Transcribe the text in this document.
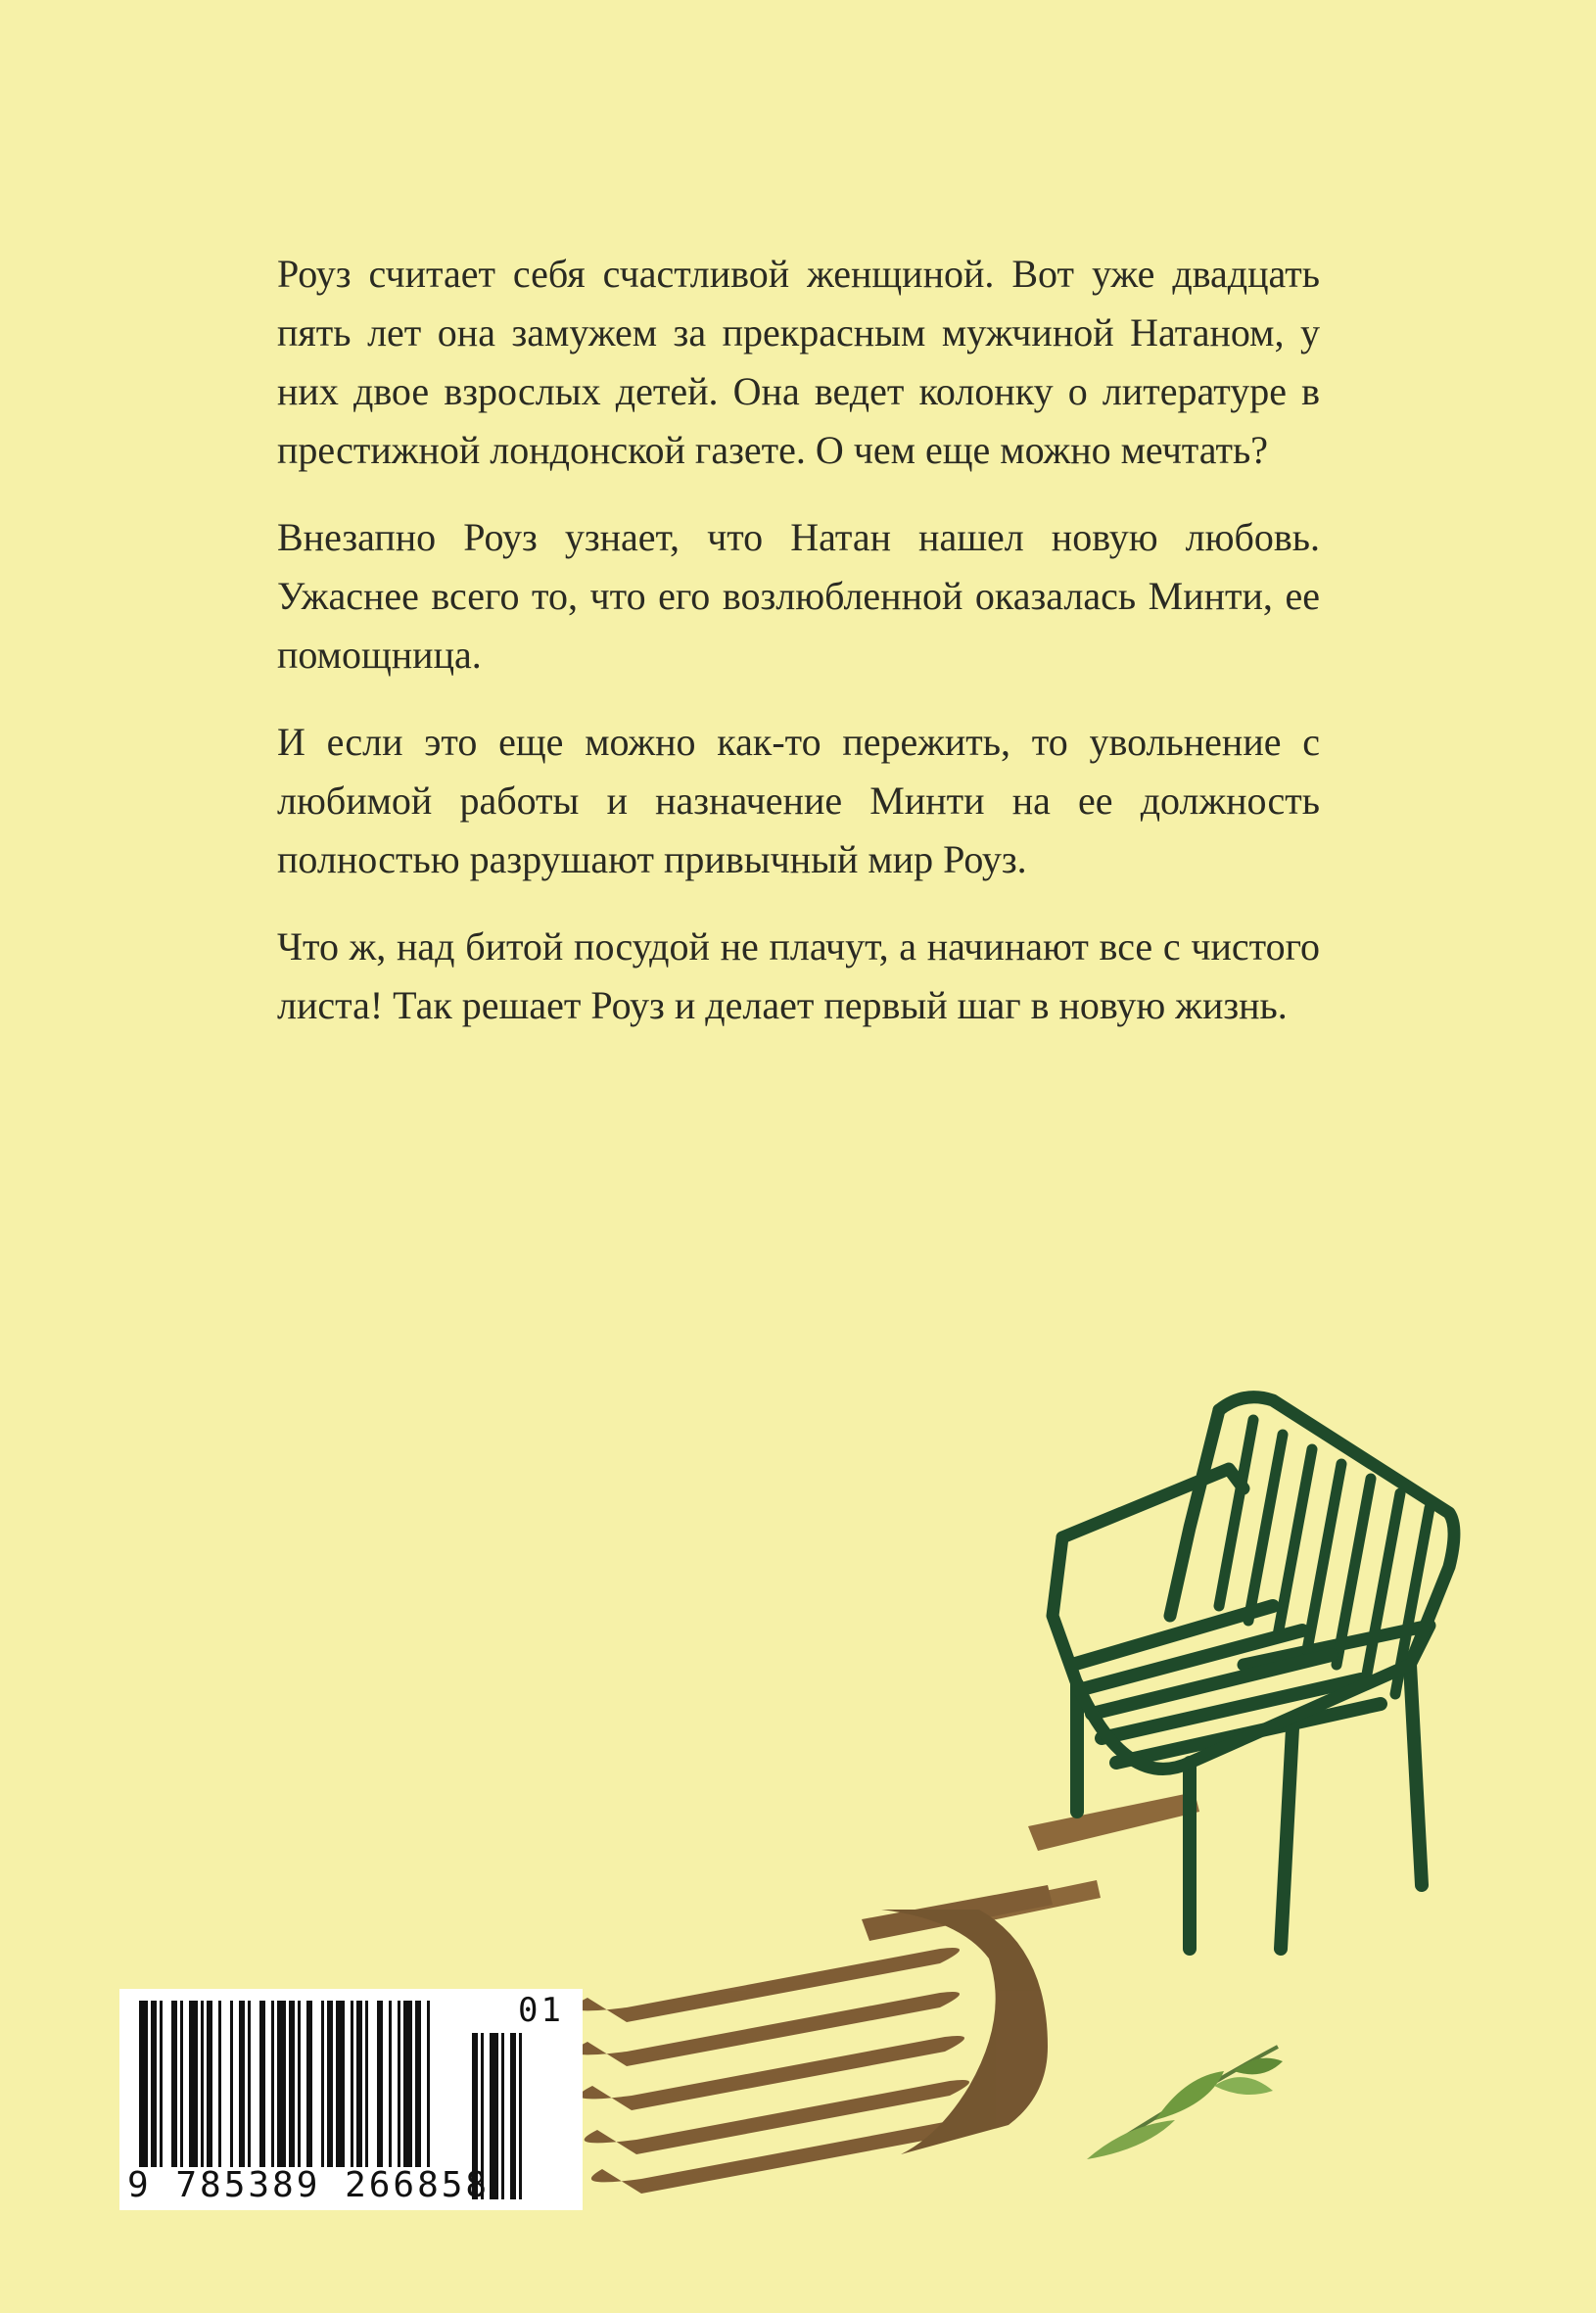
Роуз считает себя счастливой женщиной. Вот уже двадцать пять лет она замужем за прекрасным мужчиной Натаном, у них двое взрослых детей. Она ведет колонку о литературе в престижной лондонской газете. О чем еще можно мечтать?

Внезапно Роуз узнает, что Натан нашел новую любовь. Ужаснее всего то, что его возлюбленной оказалась Минти, ее помощница.

И если это еще можно как-то пережить, то увольнение с любимой работы и назначение Минти на ее должность полностью разрушают привычный мир Роуз.

Что ж, над битой посудой не плачут, а начинают все с чистого листа! Так решает Роуз и делает первый шаг в новую жизнь.

9 785389 266858
01
